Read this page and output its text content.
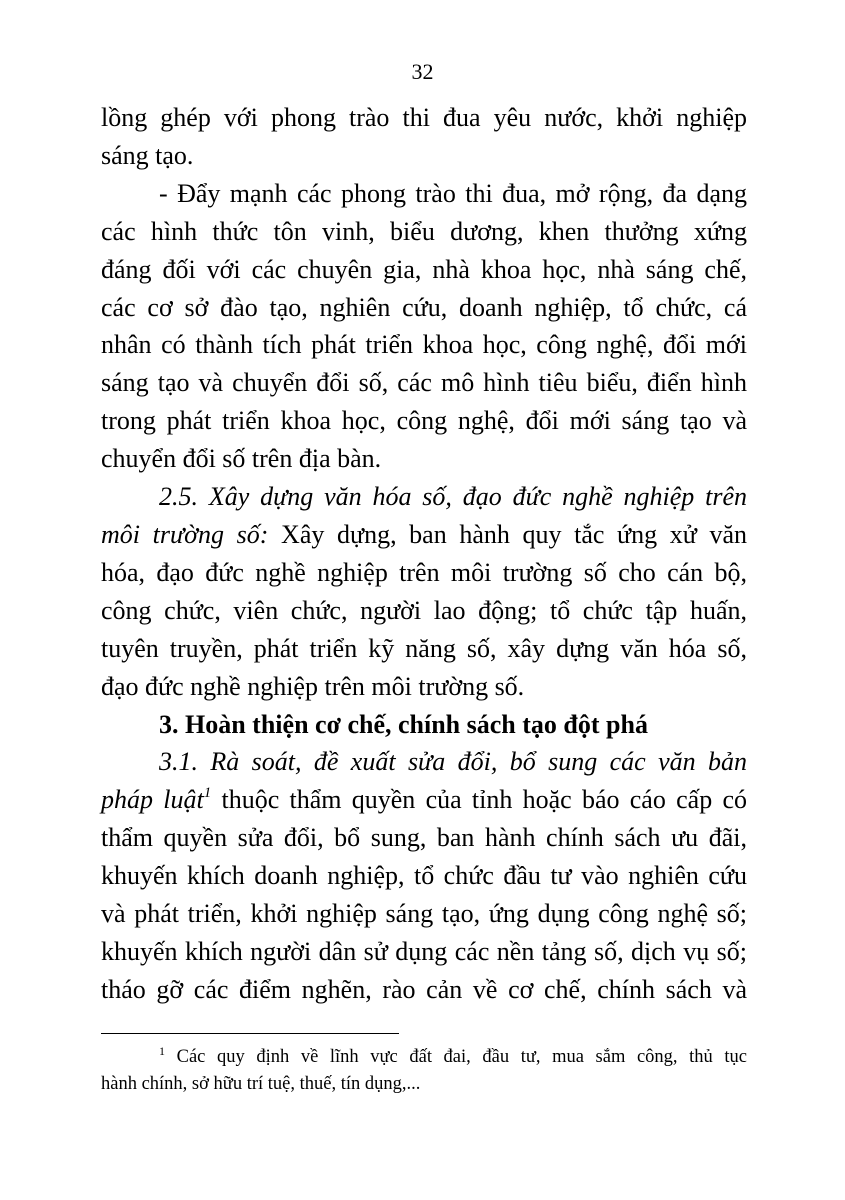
32
lồng ghép với phong trào thi đua yêu nước, khởi nghiệp
sáng tạo.
- Đẩy mạnh các phong trào thi đua, mở rộng, đa dạng
các hình thức tôn vinh, biểu dương, khen thưởng xứng
đáng đối với các chuyên gia, nhà khoa học, nhà sáng chế,
các cơ sở đào tạo, nghiên cứu, doanh nghiệp, tổ chức, cá
nhân có thành tích phát triển khoa học, công nghệ, đổi mới
sáng tạo và chuyển đổi số, các mô hình tiêu biểu, điển hình
trong phát triển khoa học, công nghệ, đổi mới sáng tạo và
chuyển đổi số trên địa bàn.
2.5. Xây dựng văn hóa số, đạo đức nghề nghiệp trên
môi trường số: Xây dựng, ban hành quy tắc ứng xử văn
hóa, đạo đức nghề nghiệp trên môi trường số cho cán bộ,
công chức, viên chức, người lao động; tổ chức tập huấn,
tuyên truyền, phát triển kỹ năng số, xây dựng văn hóa số,
đạo đức nghề nghiệp trên môi trường số.
3. Hoàn thiện cơ chế, chính sách tạo đột phá
3.1. Rà soát, đề xuất sửa đổi, bổ sung các văn bản
pháp luật$^1$ thuộc thẩm quyền của tỉnh hoặc báo cáo cấp có
thẩm quyền sửa đổi, bổ sung, ban hành chính sách ưu đãi,
khuyến khích doanh nghiệp, tổ chức đầu tư vào nghiên cứu
và phát triển, khởi nghiệp sáng tạo, ứng dụng công nghệ số;
khuyến khích người dân sử dụng các nền tảng số, dịch vụ số;
tháo gỡ các điểm nghẽn, rào cản về cơ chế, chính sách và
$^1$ Các quy định về lĩnh vực đất đai, đầu tư, mua sắm công, thủ tục
hành chính, sở hữu trí tuệ, thuế, tín dụng,...
